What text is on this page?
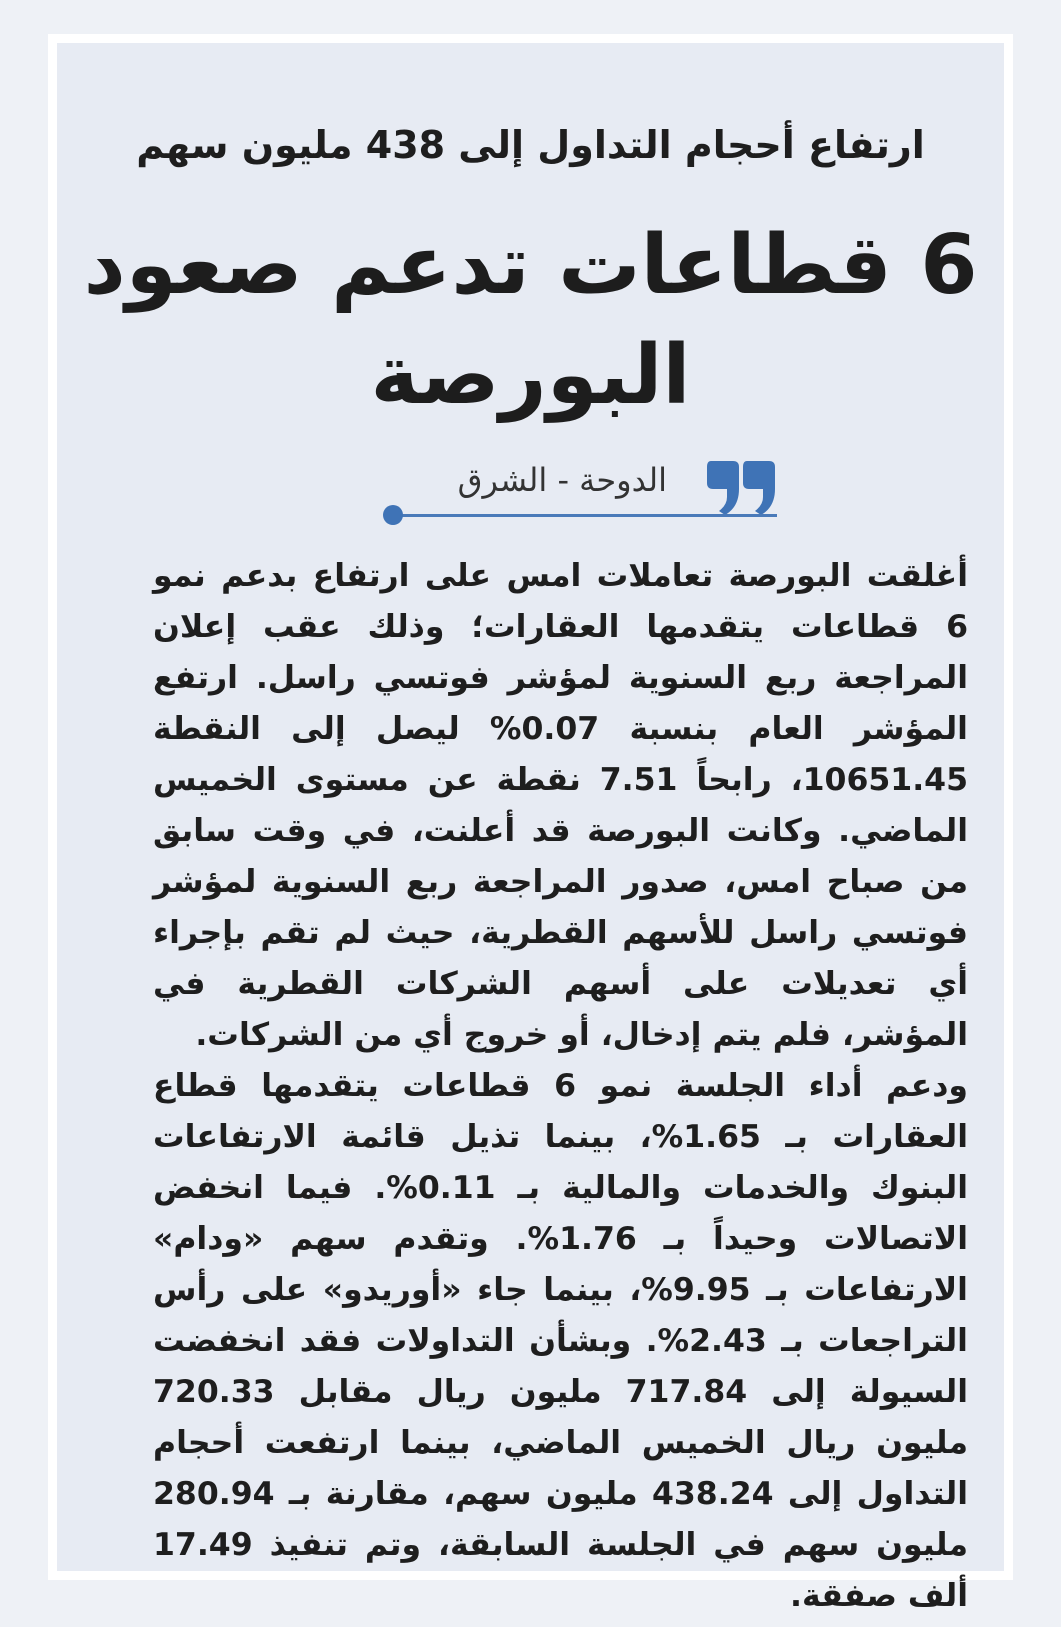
ارتفاع أحجام التداول إلى 438 مليون سهم
6 قطاعات تدعم صعود البورصة
الدوحة - الشرق

أغلقت البورصة تعاملات امس على ارتفاع بدعم نمو 6 قطاعات يتقدمها العقارات؛ وذلك عقب إعلان المراجعة ربع السنوية لمؤشر فوتسي راسل. ارتفع المؤشر العام بنسبة 0.07% ليصل إلى النقطة 10651.45، رابحاً 7.51 نقطة عن مستوى الخميس الماضي. وكانت البورصة قد أعلنت، في وقت سابق من صباح امس، صدور المراجعة ربع السنوية لمؤشر فوتسي راسل للأسهم القطرية، حيث لم تقم بإجراء أي تعديلات على أسهم الشركات القطرية في المؤشر، فلم يتم إدخال، أو خروج أي من الشركات.

ودعم أداء الجلسة نمو 6 قطاعات يتقدمها قطاع العقارات بـ 1.65%، بينما تذيل قائمة الارتفاعات البنوك والخدمات والمالية بـ 0.11%. فيما انخفض الاتصالات وحيداً بـ 1.76%. وتقدم سهم «ودام» الارتفاعات بـ 9.95%، بينما جاء «أوريدو» على رأس التراجعات بـ 2.43%. وبشأن التداولات فقد انخفضت السيولة إلى 717.84 مليون ريال مقابل 720.33 مليون ريال الخميس الماضي، بينما ارتفعت أحجام التداول إلى 438.24 مليون سهم، مقارنة بـ 280.94 مليون سهم في الجلسة السابقة، وتم تنفيذ 17.49 ألف صفقة.
